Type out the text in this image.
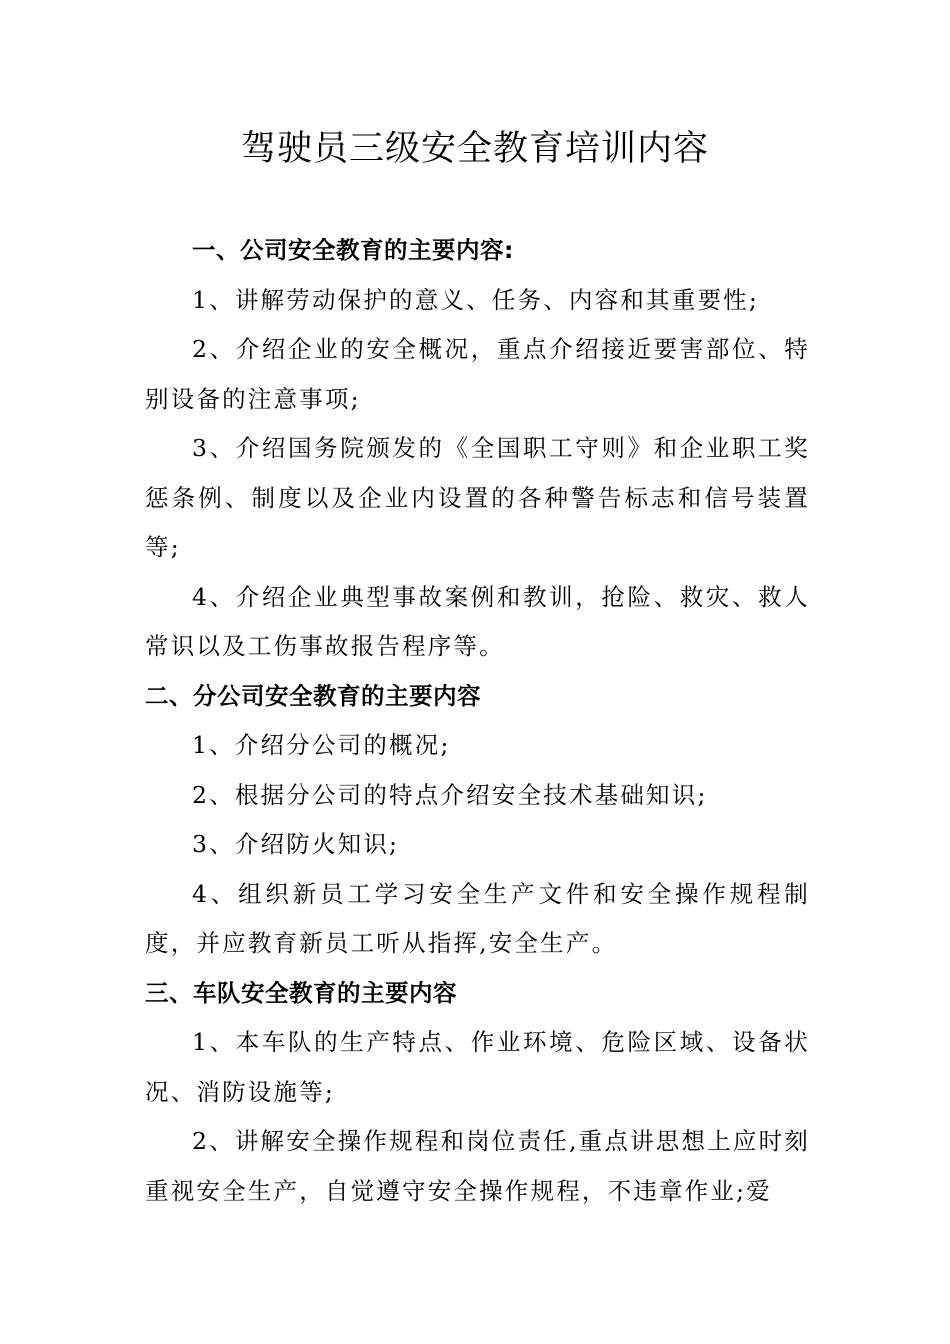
驾驶员三级安全教育培训内容

一、公司安全教育的主要内容:

1、讲解劳动保护的意义、任务、内容和其重要性;

2、介绍企业的安全概况，重点介绍接近要害部位、特别设备的注意事项;

3、介绍国务院颁发的《全国职工守则》和企业职工奖惩条例、制度以及企业内设置的各种警告标志和信号装置等;

4、介绍企业典型事故案例和教训，抢险、救灾、救人常识以及工伤事故报告程序等。

二、分公司安全教育的主要内容

1、介绍分公司的概况;

2、根据分公司的特点介绍安全技术基础知识;

3、介绍防火知识;

4、组织新员工学习安全生产文件和安全操作规程制度，并应教育新员工听从指挥,安全生产。

三、车队安全教育的主要内容

1、本车队的生产特点、作业环境、危险区域、设备状况、消防设施等;

2、讲解安全操作规程和岗位责任,重点讲思想上应时刻重视安全生产，自觉遵守安全操作规程，不违章作业;爱
